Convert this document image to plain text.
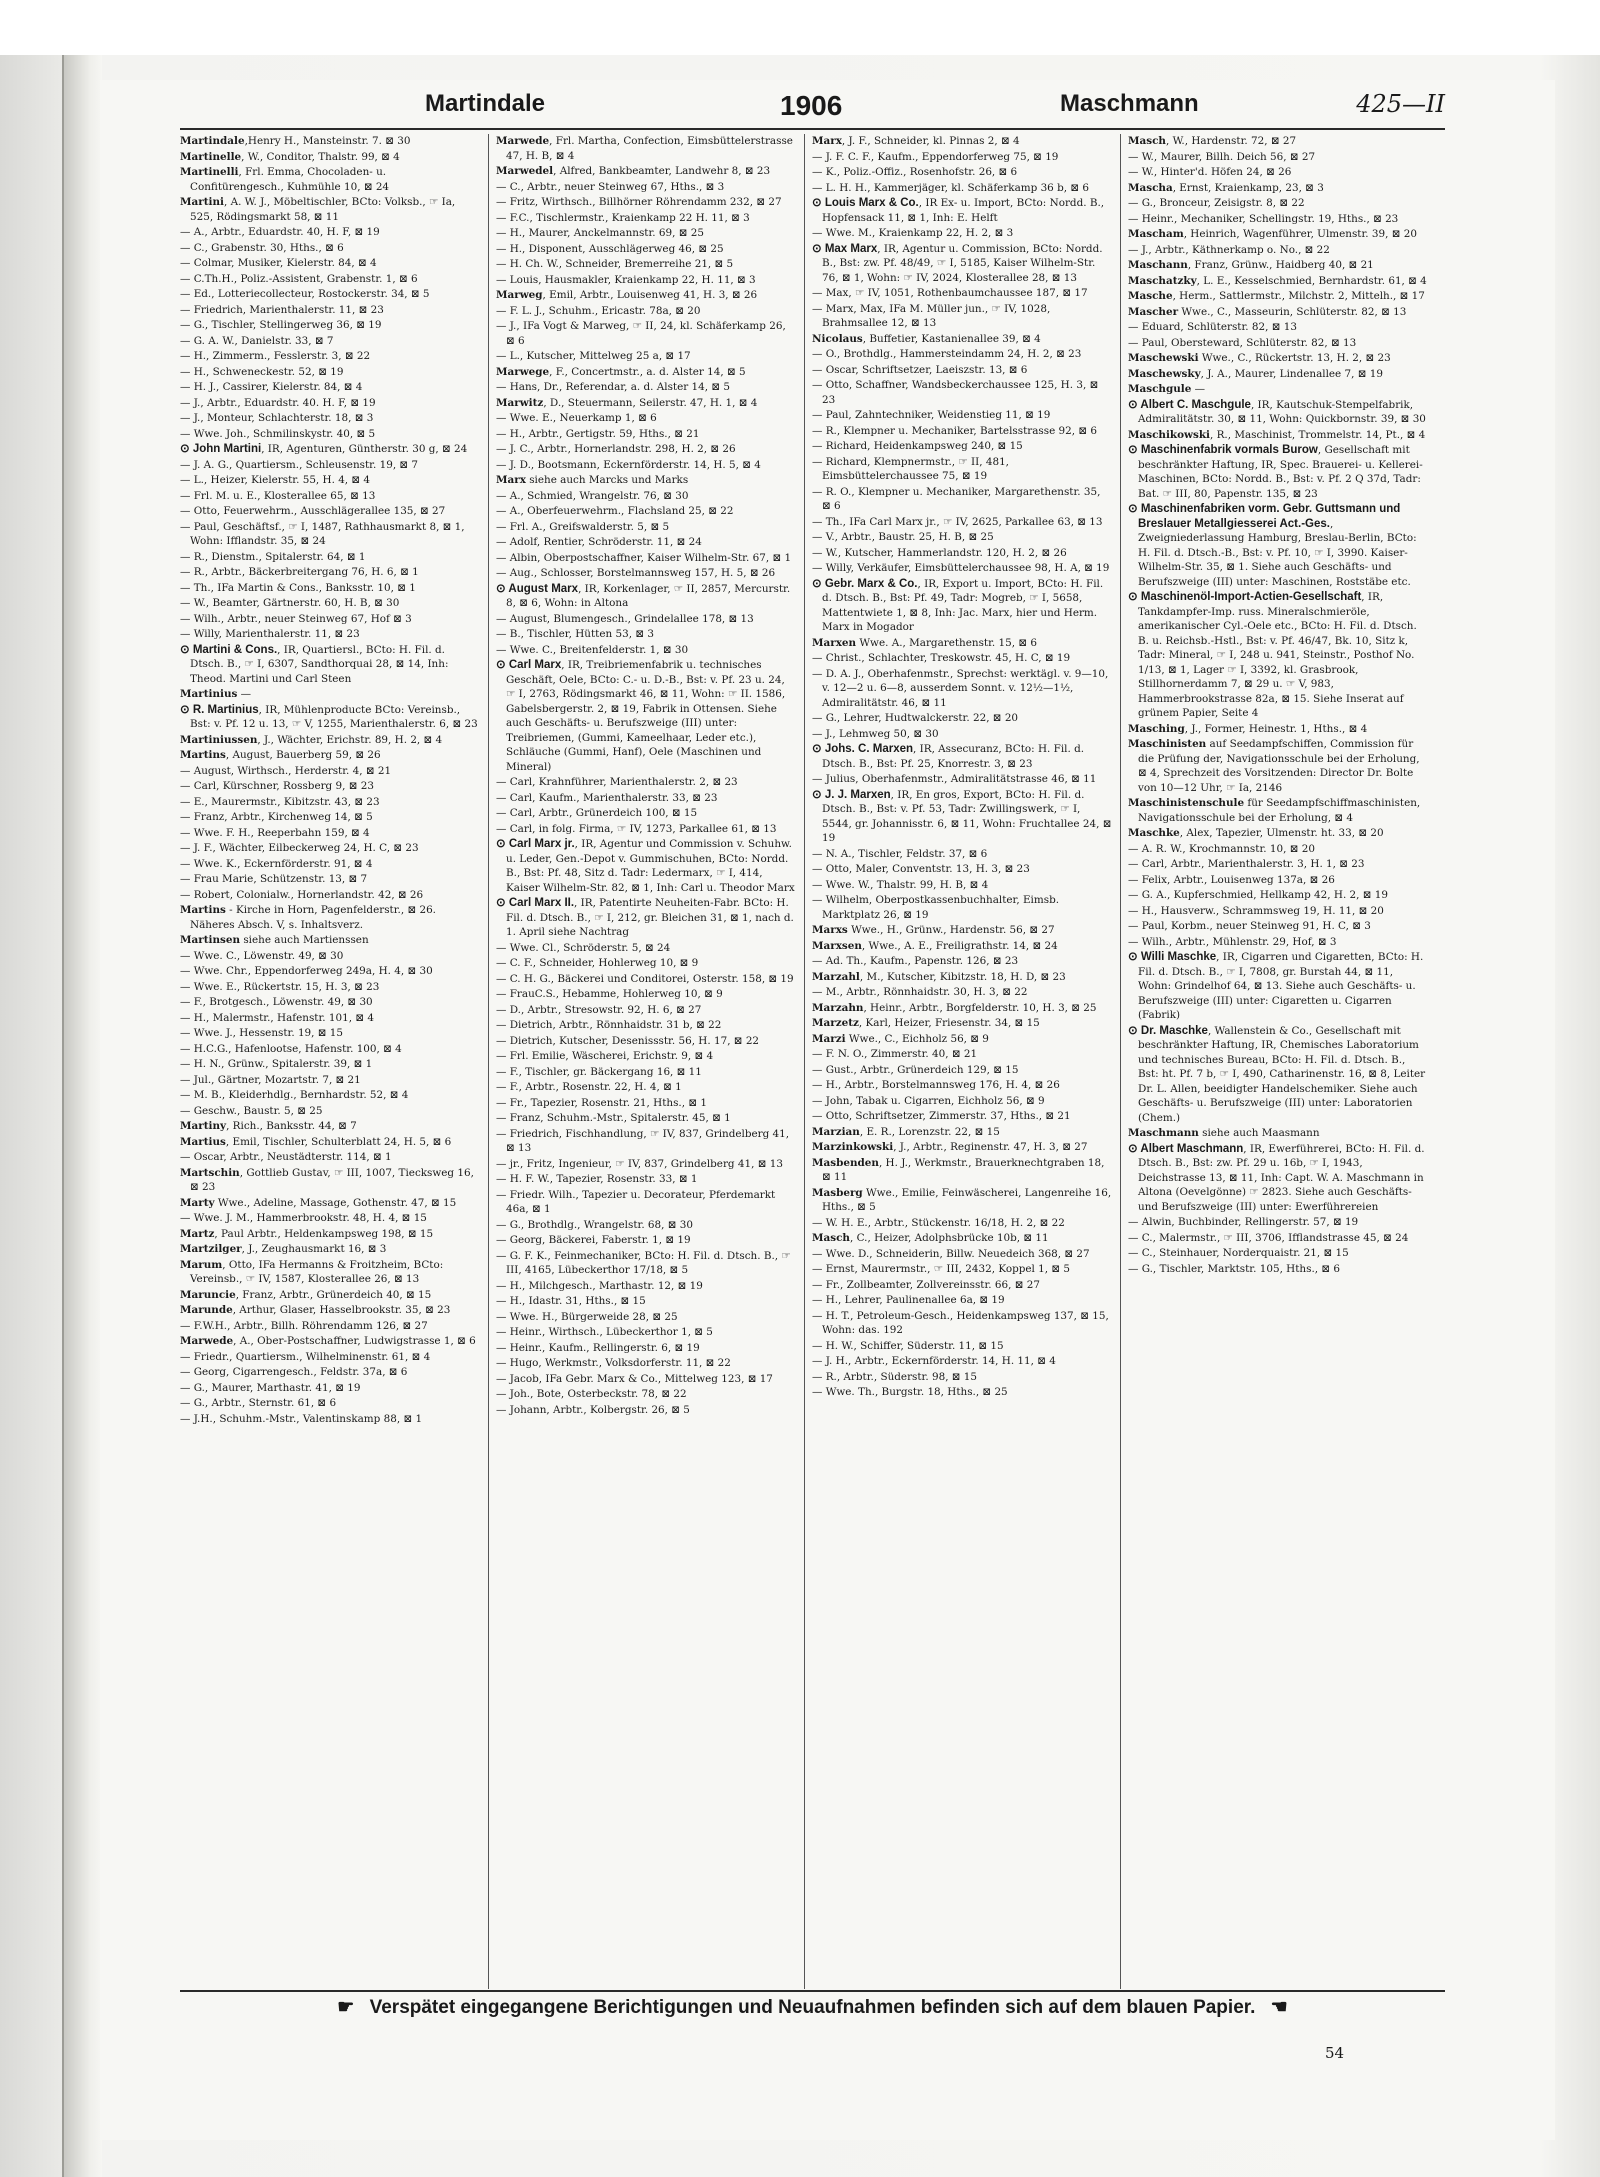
Martindale	1906	Maschmann	425—II
Martindale,Henry H., Mansteinstr. 7. ⊠ 30
Martinelle, W., Conditor, Thalstr. 99, ⊠ 4
Martinelli, Frl. Emma, Chocoladen- u. Confitürengesch., Kuhmühle 10, ⊠ 24
Martini, A. W. J., Möbeltischler, BCto: Volksb., ☞ Ia, 525, Rödingsmarkt 58, ⊠ 11
— A., Arbtr., Eduardstr. 40, H. F, ⊠ 19
— C., Grabenstr. 30, Hths., ⊠ 6
— Colmar, Musiker, Kielerstr. 84, ⊠ 4
— C.Th.H., Poliz.-Assistent, Grabenstr. 1, ⊠ 6
— Ed., Lotteriecollecteur, Rostockerstr. 34, ⊠ 5
— Friedrich, Marienthalerstr. 11, ⊠ 23
— G., Tischler, Stellingerweg 36, ⊠ 19
— G. A. W., Danielstr. 33, ⊠ 7
— H., Zimmerm., Fesslerstr. 3, ⊠ 22
— H., Schweneckestr. 52, ⊠ 19
— H. J., Cassirer, Kielerstr. 84, ⊠ 4
— J., Arbtr., Eduardstr. 40. H. F, ⊠ 19
— J., Monteur, Schlachterstr. 18, ⊠ 3
— Wwe. Joh., Schmilinskystr. 40, ⊠ 5
⊙ John Martini, IR, Agenturen, Güntherstr. 30 g, ⊠ 24
— J. A. G., Quartiersm., Schleusenstr. 19, ⊠ 7
— L., Heizer, Kielerstr. 55, H. 4, ⊠ 4
— Frl. M. u. E., Klosterallee 65, ⊠ 13
— Otto, Feuerwehrm., Ausschlägerallee 135, ⊠ 27
— Paul, Geschäftsf., ☞ I, 1487, Rathhausmarkt 8, ⊠ 1, Wohn: Ifflandstr. 35, ⊠ 24
— R., Dienstm., Spitalerstr. 64, ⊠ 1
— R., Arbtr., Bäckerbreitergang 76, H. 6, ⊠ 1
— Th., IFa Martin & Cons., Banksstr. 10, ⊠ 1
— W., Beamter, Gärtnerstr. 60, H. B, ⊠ 30
— Wilh., Arbtr., neuer Steinweg 67, Hof ⊠ 3
— Willy, Marienthalerstr. 11, ⊠ 23
⊙ Martini & Cons., IR, Quartiersl., BCto: H. Fil. d. Dtsch. B., ☞ I, 6307, Sandthorquai 28, ⊠ 14, Inh: Theod. Martini und Carl Steen
Martinius —
⊙ R. Martinius, IR, Mühlenproducte BCto: Vereinsb., Bst: v. Pf. 12 u. 13, ☞ V, 1255, Marienthalerstr. 6, ⊠ 23
Martiniussen, J., Wächter, Erichstr. 89, H. 2, ⊠ 4
Martins, August, Bauerberg 59, ⊠ 26
— August, Wirthsch., Herderstr. 4, ⊠ 21
— Carl, Kürschner, Rossberg 9, ⊠ 23
— E., Maurermstr., Kibitzstr. 43, ⊠ 23
— Franz, Arbtr., Kirchenweg 14, ⊠ 5
— Wwe. F. H., Reeperbahn 159, ⊠ 4
— J. F., Wächter, Eilbeckerweg 24, H. C, ⊠ 23
— Wwe. K., Eckernförderstr. 91, ⊠ 4
— Frau Marie, Schützenstr. 13, ⊠ 7
— Robert, Colonialw., Hornerlandstr. 42, ⊠ 26
Martins - Kirche in Horn, Pagenfelderstr., ⊠ 26. Näheres Absch. V, s. Inhaltsverz.
Martinsen siehe auch Martienssen
— Wwe. C., Löwenstr. 49, ⊠ 30
— Wwe. Chr., Eppendorferweg 249a, H. 4, ⊠ 30
— Wwe. E., Rückertstr. 15, H. 3, ⊠ 23
— F., Brotgesch., Löwenstr. 49, ⊠ 30
— H., Malermstr., Hafenstr. 101, ⊠ 4
— Wwe. J., Hessenstr. 19, ⊠ 15
— H.C.G., Hafenlootse, Hafenstr. 100, ⊠ 4
— H. N., Grünw., Spitalerstr. 39, ⊠ 1
— Jul., Gärtner, Mozartstr. 7, ⊠ 21
— M. B., Kleiderhdlg., Bernhardstr. 52, ⊠ 4
— Geschw., Baustr. 5, ⊠ 25
Martiny, Rich., Banksstr. 44, ⊠ 7
Martius, Emil, Tischler, Schulterblatt 24, H. 5, ⊠ 6
— Oscar, Arbtr., Neustädterstr. 114, ⊠ 1
Martschin, Gottlieb Gustav, ☞ III, 1007, Tiecksweg 16, ⊠ 23
Marty Wwe., Adeline, Massage, Gothenstr. 47, ⊠ 15
— Wwe. J. M., Hammerbrookstr. 48, H. 4, ⊠ 15
Martz, Paul Arbtr., Heldenkampsweg 198, ⊠ 15
Martzilger, J., Zeughausmarkt 16, ⊠ 3
Marum, Otto, IFa Hermanns & Froitzheim, BCto: Vereinsb., ☞ IV, 1587, Klosterallee 26, ⊠ 13
Maruncie, Franz, Arbtr., Grünerdeich 40, ⊠ 15
Marunde, Arthur, Glaser, Hasselbrookstr. 35, ⊠ 23
— F.W.H., Arbtr., Billh. Röhrendamm 126, ⊠ 27
Marwede, A., Ober-Postschaffner, Ludwigstrasse 1, ⊠ 6
— Friedr., Quartiersm., Wilhelminenstr. 61, ⊠ 4
— Georg, Cigarrengesch., Feldstr. 37a, ⊠ 6
— G., Maurer, Marthastr. 41, ⊠ 19
— G., Arbtr., Sternstr. 61, ⊠ 6
— J.H., Schuhm.-Mstr., Valentinskamp 88, ⊠ 1
Marwede, Frl. Martha, Confection, Eimsbüttelerstrasse 47, H. B, ⊠ 4
Marwedel, Alfred, Bankbeamter, Landwehr 8, ⊠ 23
— C., Arbtr., neuer Steinweg 67, Hths., ⊠ 3
— Fritz, Wirthsch., Billhörner Röhrendamm 232, ⊠ 27
— F.C., Tischlermstr., Kraienkamp 22 H. 11, ⊠ 3
— H., Maurer, Anckelmannstr. 69, ⊠ 25
— H., Disponent, Ausschlägerweg 46, ⊠ 25
— H. Ch. W., Schneider, Bremerreihe 21, ⊠ 5
— Louis, Hausmakler, Kraienkamp 22, H. 11, ⊠ 3
Marweg, Emil, Arbtr., Louisenweg 41, H. 3, ⊠ 26
— F. L. J., Schuhm., Ericastr. 78a, ⊠ 20
— J., IFa Vogt & Marweg, ☞ II, 24, kl. Schäferkamp 26, ⊠ 6
— L., Kutscher, Mittelweg 25 a, ⊠ 17
Marwege, F., Concertmstr., a. d. Alster 14, ⊠ 5
— Hans, Dr., Referendar, a. d. Alster 14, ⊠ 5
Marwitz, D., Steuermann, Seilerstr. 47, H. 1, ⊠ 4
— Wwe. E., Neuerkamp 1, ⊠ 6
— H., Arbtr., Gertigstr. 59, Hths., ⊠ 21
— J. C., Arbtr., Hornerlandstr. 298, H. 2, ⊠ 26
— J. D., Bootsmann, Eckernförderstr. 14, H. 5, ⊠ 4
Marx siehe auch Marcks und Marks
— A., Schmied, Wrangelstr. 76, ⊠ 30
— A., Oberfeuerwehrm., Flachsland 25, ⊠ 22
— Frl. A., Greifswalderstr. 5, ⊠ 5
— Adolf, Rentier, Schröderstr. 11, ⊠ 24
— Albin, Oberpostschaffner, Kaiser Wilhelm-Str. 67, ⊠ 1
— Aug., Schlosser, Borstelmannsweg 157, H. 5, ⊠ 26
⊙ August Marx, IR, Korkenlager, ☞ II, 2857, Mercurstr. 8, ⊠ 6, Wohn: in Altona
— August, Blumengesch., Grindelallee 178, ⊠ 13
— B., Tischler, Hütten 53, ⊠ 3
— Wwe. C., Breitenfelderstr. 1, ⊠ 30
⊙ Carl Marx, IR, Treibriemenfabrik u. technisches Geschäft, Oele, BCto: C.- u. D.-B., Bst: v. Pf. 23 u. 24, ☞ I, 2763, Rödingsmarkt 46, ⊠ 11, Wohn: ☞ II. 1586, Gabelsbergerstr. 2, ⊠ 19, Fabrik in Ottensen. Siehe auch Geschäfts- u. Berufszweige (III) unter: Treibriemen, (Gummi, Kameelhaar, Leder etc.), Schläuche (Gummi, Hanf), Oele (Maschinen und Mineral)
— Carl, Krahnführer, Marienthalerstr. 2, ⊠ 23
— Carl, Kaufm., Marienthalerstr. 33, ⊠ 23
— Carl, Arbtr., Grünerdeich 100, ⊠ 15
— Carl, in folg. Firma, ☞ IV, 1273, Parkallee 61, ⊠ 13
⊙ Carl Marx jr., IR, Agentur und Commission v. Schuhw. u. Leder, Gen.-Depot v. Gummischuhen, BCto: Nordd. B., Bst: Pf. 48, Sitz d. Tadr: Ledermarx, ☞ I, 414, Kaiser Wilhelm-Str. 82, ⊠ 1, Inh: Carl u. Theodor Marx
⊙ Carl Marx II., IR, Patentirte Neuheiten-Fabr. BCto: H. Fil. d. Dtsch. B., ☞ I, 212, gr. Bleichen 31, ⊠ 1, nach d. 1. April siehe Nachtrag
— Wwe. Cl., Schröderstr. 5, ⊠ 24
— C. F., Schneider, Hohlerweg 10, ⊠ 9
— C. H. G., Bäckerei und Conditorei, Osterstr. 158, ⊠ 19
— FrauC.S., Hebamme, Hohlerweg 10, ⊠ 9
— D., Arbtr., Stresowstr. 92, H. 6, ⊠ 27
— Dietrich, Arbtr., Rönnhaidstr. 31 b, ⊠ 22
— Dietrich, Kutscher, Desenissstr. 56, H. 17, ⊠ 22
— Frl. Emilie, Wäscherei, Erichstr. 9, ⊠ 4
— F., Tischler, gr. Bäckergang 16, ⊠ 11
— F., Arbtr., Rosenstr. 22, H. 4, ⊠ 1
— Fr., Tapezier, Rosenstr. 21, Hths., ⊠ 1
— Franz, Schuhm.-Mstr., Spitalerstr. 45, ⊠ 1
— Friedrich, Fischhandlung, ☞ IV, 837, Grindelberg 41, ⊠ 13
— jr., Fritz, Ingenieur, ☞ IV, 837, Grindelberg 41, ⊠ 13
— H. F. W., Tapezier, Rosenstr. 33, ⊠ 1
— Friedr. Wilh., Tapezier u. Decorateur, Pferdemarkt 46a, ⊠ 1
— G., Brothdlg., Wrangelstr. 68, ⊠ 30
— Georg, Bäckerei, Faberstr. 1, ⊠ 19
— G. F. K., Feinmechaniker, BCto: H. Fil. d. Dtsch. B., ☞ III, 4165, Lübeckerthor 17/18, ⊠ 5
— H., Milchgesch., Marthastr. 12, ⊠ 19
— H., Idastr. 31, Hths., ⊠ 15
— Wwe. H., Bürgerweide 28, ⊠ 25
— Heinr., Wirthsch., Lübeckerthor 1, ⊠ 5
— Heinr., Kaufm., Rellingerstr. 6, ⊠ 19
— Hugo, Werkmstr., Volksdorferstr. 11, ⊠ 22
— Jacob, IFa Gebr. Marx & Co., Mittelweg 123, ⊠ 17
— Joh., Bote, Osterbeckstr. 78, ⊠ 22
— Johann, Arbtr., Kolbergstr. 26, ⊠ 5
Marx, J. F., Schneider, kl. Pinnas 2, ⊠ 4
— J. F. C. F., Kaufm., Eppendorferweg 75, ⊠ 19
— K., Poliz.-Offiz., Rosenhofstr. 26, ⊠ 6
— L. H. H., Kammerjäger, kl. Schäferkamp 36 b, ⊠ 6
⊙ Louis Marx & Co., IR Ex- u. Import, BCto: Nordd. B., Hopfensack 11, ⊠ 1, Inh: E. Helft
— Wwe. M., Kraienkamp 22, H. 2, ⊠ 3
⊙ Max Marx, IR, Agentur u. Commission, BCto: Nordd. B., Bst: zw. Pf. 48/49, ☞ I, 5185, Kaiser Wilhelm-Str. 76, ⊠ 1, Wohn: ☞ IV, 2024, Klosterallee 28, ⊠ 13
— Max, ☞ IV, 1051, Rothenbaumchaussee 187, ⊠ 17
— Marx, Max, IFa M. Müller jun., ☞ IV, 1028, Brahmsallee 12, ⊠ 13
Nicolaus, Buffetier, Kastanienallee 39, ⊠ 4
— O., Brothdlg., Hammersteindamm 24, H. 2, ⊠ 23
— Oscar, Schriftsetzer, Laeiszstr. 13, ⊠ 6
— Otto, Schaffner, Wandsbeckerchaussee 125, H. 3, ⊠ 23
— Paul, Zahntechniker, Weidenstieg 11, ⊠ 19
— R., Klempner u. Mechaniker, Bartelsstrasse 92, ⊠ 6
— Richard, Heidenkampsweg 240, ⊠ 15
— Richard, Klempnermstr., ☞ II, 481, Eimsbüttelerchaussee 75, ⊠ 19
— R. O., Klempner u. Mechaniker, Margarethenstr. 35, ⊠ 6
— Th., IFa Carl Marx jr., ☞ IV, 2625, Parkallee 63, ⊠ 13
— V., Arbtr., Baustr. 25, H. B, ⊠ 25
— W., Kutscher, Hammerlandstr. 120, H. 2, ⊠ 26
— Willy, Verkäufer, Eimsbüttelerchaussee 98, H. A, ⊠ 19
⊙ Gebr. Marx & Co., IR, Export u. Import, BCto: H. Fil. d. Dtsch. B., Bst: Pf. 49, Tadr: Mogreb, ☞ I, 5658, Mattentwiete 1, ⊠ 8, Inh: Jac. Marx, hier und Herm. Marx in Mogador
Marxen Wwe. A., Margarethenstr. 15, ⊠ 6
— Christ., Schlachter, Treskowstr. 45, H. C, ⊠ 19
— D. A. J., Oberhafenmstr., Sprechst: werktägl. v. 9—10, v. 12—2 u. 6—8, ausserdem Sonnt. v. 12½—1½, Admiralitätstr. 46, ⊠ 11
— G., Lehrer, Hudtwalckerstr. 22, ⊠ 20
— J., Lehmweg 50, ⊠ 30
⊙ Johs. C. Marxen, IR, Assecuranz, BCto: H. Fil. d. Dtsch. B., Bst: Pf. 25, Knorrestr. 3, ⊠ 23
— Julius, Oberhafenmstr., Admiralitätstrasse 46, ⊠ 11
⊙ J. J. Marxen, IR, En gros, Export, BCto: H. Fil. d. Dtsch. B., Bst: v. Pf. 53, Tadr: Zwillingswerk, ☞ I, 5544, gr. Johannisstr. 6, ⊠ 11, Wohn: Fruchtallee 24, ⊠ 19
— N. A., Tischler, Feldstr. 37, ⊠ 6
— Otto, Maler, Conventstr. 13, H. 3, ⊠ 23
— Wwe. W., Thalstr. 99, H. B, ⊠ 4
— Wilhelm, Oberpostkassenbuchhalter, Eimsb. Marktplatz 26, ⊠ 19
Marxs Wwe., H., Grünw., Hardenstr. 56, ⊠ 27
Marxsen, Wwe., A. E., Freiligrathstr. 14, ⊠ 24
— Ad. Th., Kaufm., Papenstr. 126, ⊠ 23
Marzahl, M., Kutscher, Kibitzstr. 18, H. D, ⊠ 23
— M., Arbtr., Rönnhaidstr. 30, H. 3, ⊠ 22
Marzahn, Heinr., Arbtr., Borgfelderstr. 10, H. 3, ⊠ 25
Marzetz, Karl, Heizer, Friesenstr. 34, ⊠ 15
Marzi Wwe., C., Eichholz 56, ⊠ 9
— F. N. O., Zimmerstr. 40, ⊠ 21
— Gust., Arbtr., Grünerdeich 129, ⊠ 15
— H., Arbtr., Borstelmannsweg 176, H. 4, ⊠ 26
— John, Tabak u. Cigarren, Eichholz 56, ⊠ 9
— Otto, Schriftsetzer, Zimmerstr. 37, Hths., ⊠ 21
Marzian, E. R., Lorenzstr. 22, ⊠ 15
Marzinkowski, J., Arbtr., Reginenstr. 47, H. 3, ⊠ 27
Masbenden, H. J., Werkmstr., Brauerknechtgraben 18, ⊠ 11
Masberg Wwe., Emilie, Feinwäscherei, Langenreihe 16, Hths., ⊠ 5
— W. H. E., Arbtr., Stückenstr. 16/18, H. 2, ⊠ 22
Masch, C., Heizer, Adolphsbrücke 10b, ⊠ 11
— Wwe. D., Schneiderin, Billw. Neuedeich 368, ⊠ 27
— Ernst, Maurermstr., ☞ III, 2432, Koppel 1, ⊠ 5
— Fr., Zollbeamter, Zollvereinsstr. 66, ⊠ 27
— H., Lehrer, Paulinenallee 6a, ⊠ 19
— H. T., Petroleum-Gesch., Heidenkampsweg 137, ⊠ 15, Wohn: das. 192
— H. W., Schiffer, Süderstr. 11, ⊠ 15
— J. H., Arbtr., Eckernförderstr. 14, H. 11, ⊠ 4
— R., Arbtr., Süderstr. 98, ⊠ 15
— Wwe. Th., Burgstr. 18, Hths., ⊠ 25
Masch, W., Hardenstr. 72, ⊠ 27
— W., Maurer, Billh. Deich 56, ⊠ 27
— W., Hinter'd. Höfen 24, ⊠ 26
Mascha, Ernst, Kraienkamp, 23, ⊠ 3
— G., Bronceur, Zeisigstr. 8, ⊠ 22
— Heinr., Mechaniker, Schellingstr. 19, Hths., ⊠ 23
Mascham, Heinrich, Wagenführer, Ulmenstr. 39, ⊠ 20
— J., Arbtr., Käthnerkamp o. No., ⊠ 22
Maschann, Franz, Grünw., Haidberg 40, ⊠ 21
Maschatzky, L. E., Kesselschmied, Bernhardstr. 61, ⊠ 4
Masche, Herm., Sattlermstr., Milchstr. 2, Mittelh., ⊠ 17
Mascher Wwe., C., Masseurin, Schlüterstr. 82, ⊠ 13
— Eduard, Schlüterstr. 82, ⊠ 13
— Paul, Obersteward, Schlüterstr. 82, ⊠ 13
Maschewski Wwe., C., Rückertstr. 13, H. 2, ⊠ 23
Maschewsky, J. A., Maurer, Lindenallee 7, ⊠ 19
Maschgule —
⊙ Albert C. Maschgule, IR, Kautschuk-Stempelfabrik, Admiralitätstr. 30, ⊠ 11, Wohn: Quickbornstr. 39, ⊠ 30
Maschikowski, R., Maschinist, Trommelstr. 14, Pt., ⊠ 4
⊙ Maschinenfabrik vormals Burow, Gesellschaft mit beschränkter Haftung, IR, Spec. Brauerei- u. Kellerei-Maschinen, BCto: Nordd. B., Bst: v. Pf. 2 Q 37d, Tadr: Bat. ☞ III, 80, Papenstr. 135, ⊠ 23
⊙ Maschinenfabriken vorm. Gebr. Guttsmann und Breslauer Metallgiesserei Act.-Ges., Zweigniederlassung Hamburg, Breslau-Berlin, BCto: H. Fil. d. Dtsch.-B., Bst: v. Pf. 10, ☞ I, 3990. Kaiser-Wilhelm-Str. 35, ⊠ 1. Siehe auch Geschäfts- und Berufszweige (III) unter: Maschinen, Roststäbe etc.
⊙ Maschinenöl-Import-Actien-Gesellschaft, IR, Tankdampfer-Imp. russ. Mineralschmieröle, amerikanischer Cyl.-Oele etc., BCto: H. Fil. d. Dtsch. B. u. Reichsb.-Hstl., Bst: v. Pf. 46/47, Bk. 10, Sitz k, Tadr: Mineral, ☞ I, 248 u. 941, Steinstr., Posthof No. 1/13, ⊠ 1, Lager ☞ I, 3392, kl. Grasbrook, Stillhornerdamm 7, ⊠ 29 u. ☞ V, 983, Hammerbrookstrasse 82a, ⊠ 15. Siehe Inserat auf grünem Papier, Seite 4
Masching, J., Former, Heinestr. 1, Hths., ⊠ 4
Maschinisten auf Seedampfschiffen, Commission für die Prüfung der, Navigationsschule bei der Erholung, ⊠ 4, Sprechzeit des Vorsitzenden: Director Dr. Bolte von 10—12 Uhr, ☞ Ia, 2146
Maschinistenschule für Seedampfschiffmaschinisten, Navigationsschule bei der Erholung, ⊠ 4
Maschke, Alex, Tapezier, Ulmenstr. ht. 33, ⊠ 20
— A. R. W., Krochmannstr. 10, ⊠ 20
— Carl, Arbtr., Marienthalerstr. 3, H. 1, ⊠ 23
— Felix, Arbtr., Louisenweg 137a, ⊠ 26
— G. A., Kupferschmied, Hellkamp 42, H. 2, ⊠ 19
— H., Hausverw., Schrammsweg 19, H. 11, ⊠ 20
— Paul, Korbm., neuer Steinweg 91, H. C, ⊠ 3
— Wilh., Arbtr., Mühlenstr. 29, Hof, ⊠ 3
⊙ Willi Maschke, IR, Cigarren und Cigaretten, BCto: H. Fil. d. Dtsch. B., ☞ I, 7808, gr. Burstah 44, ⊠ 11, Wohn: Grindelhof 64, ⊠ 13. Siehe auch Geschäfts- u. Berufszweige (III) unter: Cigaretten u. Cigarren (Fabrik)
⊙ Dr. Maschke, Wallenstein & Co., Gesellschaft mit beschränkter Haftung, IR, Chemisches Laboratorium und technisches Bureau, BCto: H. Fil. d. Dtsch. B., Bst: ht. Pf. 7 b, ☞ I, 490, Catharinenstr. 16, ⊠ 8, Leiter Dr. L. Allen, beeidigter Handelschemiker. Siehe auch Geschäfts- u. Berufszweige (III) unter: Laboratorien (Chem.)
Maschmann siehe auch Maasmann
⊙ Albert Maschmann, IR, Ewerführerei, BCto: H. Fil. d. Dtsch. B., Bst: zw. Pf. 29 u. 16b, ☞ I, 1943, Deichstrasse 13, ⊠ 11, Inh: Capt. W. A. Maschmann in Altona (Oevelgönne) ☞ 2823. Siehe auch Geschäfts- und Berufszweige (III) unter: Ewerführereien
— Alwin, Buchbinder, Rellingerstr. 57, ⊠ 19
— C., Malermstr., ☞ III, 3706, Ifflandstrasse 45, ⊠ 24
— C., Steinhauer, Norderquaistr. 21, ⊠ 15
— G., Tischler, Marktstr. 105, Hths., ⊠ 6
☛ Verspätet eingegangene Berichtigungen und Neuaufnahmen befinden sich auf dem blauen Papier. ☚
54
